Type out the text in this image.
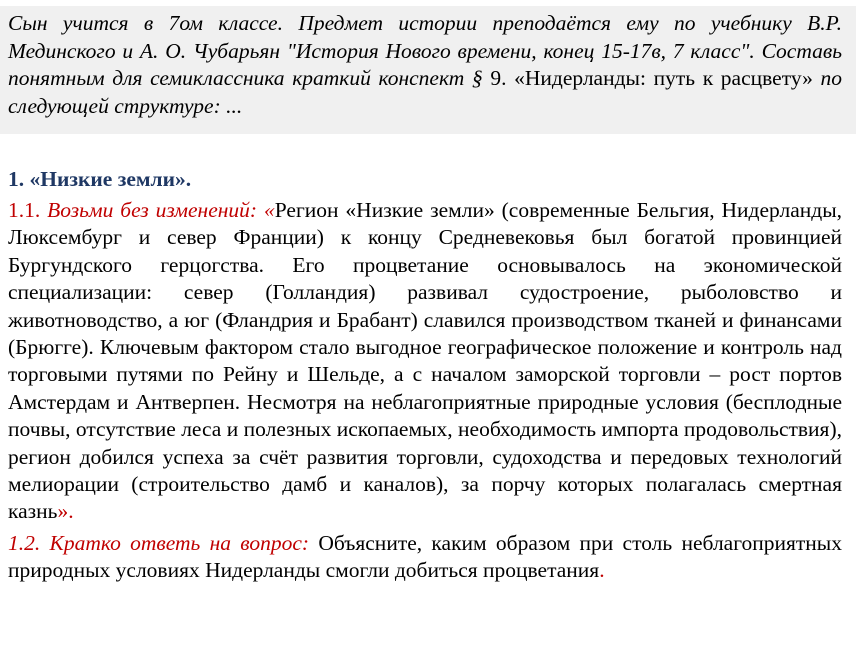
Сын учится в 7ом классе. Предмет истории преподаётся ему по учебнику В.Р. Мединского и А. О. Чубарьян "История Нового времени, конец 15-17в, 7 класс". Составь понятным для семиклассника краткий конспект § 9. «Нидерланды: путь к расцвету» по следующей структуре: ...
1. «Низкие земли».
1.1. Возьми без изменений: «Регион «Низкие земли» (современные Бельгия, Нидерланды, Люксембург и север Франции) к концу Средневековья был богатой провинцией Бургундского герцогства. Его процветание основывалось на экономической специализации: север (Голландия) развивал судостроение, рыболовство и животноводство, а юг (Фландрия и Брабант) славился производством тканей и финансами (Брюгге). Ключевым фактором стало выгодное географическое положение и контроль над торговыми путями по Рейну и Шельде, а с началом заморской торговли – рост портов Амстердам и Антверпен. Несмотря на неблагоприятные природные условия (бесплодные почвы, отсутствие леса и полезных ископаемых, необходимость импорта продовольствия), регион добился успеха за счёт развития торговли, судоходства и передовых технологий мелиорации (строительство дамб и каналов), за порчу которых полагалась смертная казнь».
1.2. Кратко ответь на вопрос: Объясните, каким образом при столь неблагоприятных природных условиях Нидерланды смогли добиться процветания.
